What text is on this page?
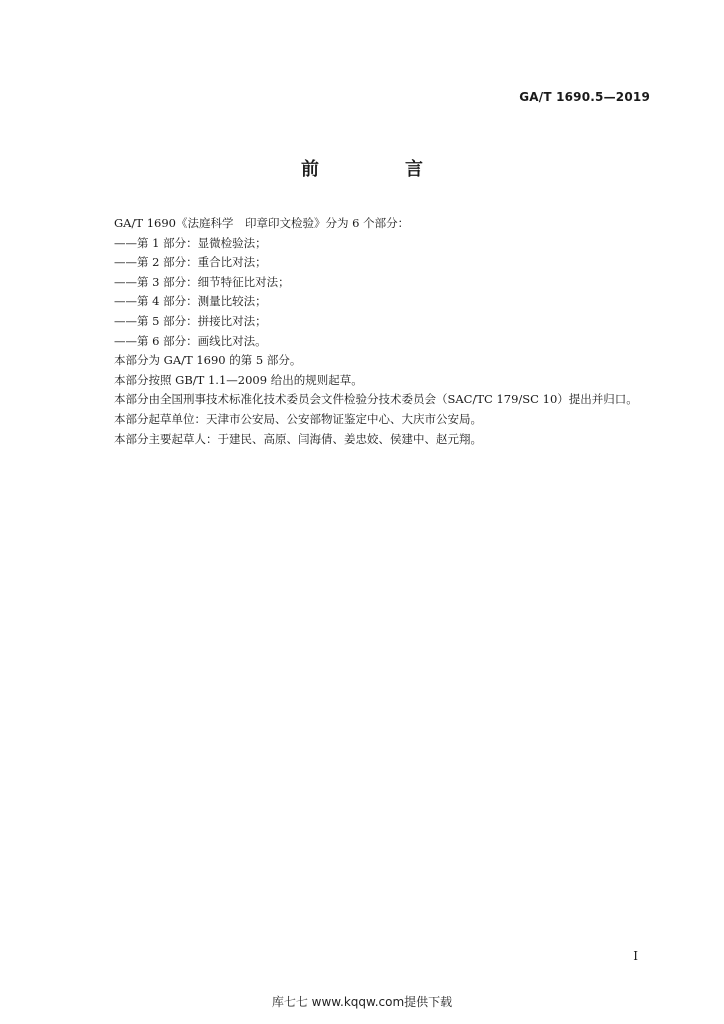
GA/T 1690.5—2019
前　言

GA/T 1690《法庭科学　印章印文检验》分为 6 个部分：

——第 1 部分：显微检验法；

——第 2 部分：重合比对法；

——第 3 部分：细节特征比对法；

——第 4 部分：测量比较法；

——第 5 部分：拼接比对法；

——第 6 部分：画线比对法。

本部分为 GA/T 1690 的第 5 部分。

本部分按照 GB/T 1.1—2009 给出的规则起草。

本部分由全国刑事技术标准化技术委员会文件检验分技术委员会（SAC/TC 179/SC 10）提出并归口。

本部分起草单位：天津市公安局、公安部物证鉴定中心、大庆市公安局。

本部分主要起草人：于建民、高原、闫海倩、姜忠姣、侯建中、赵元翔。

I
库七七 www.kqqw.com提供下载
